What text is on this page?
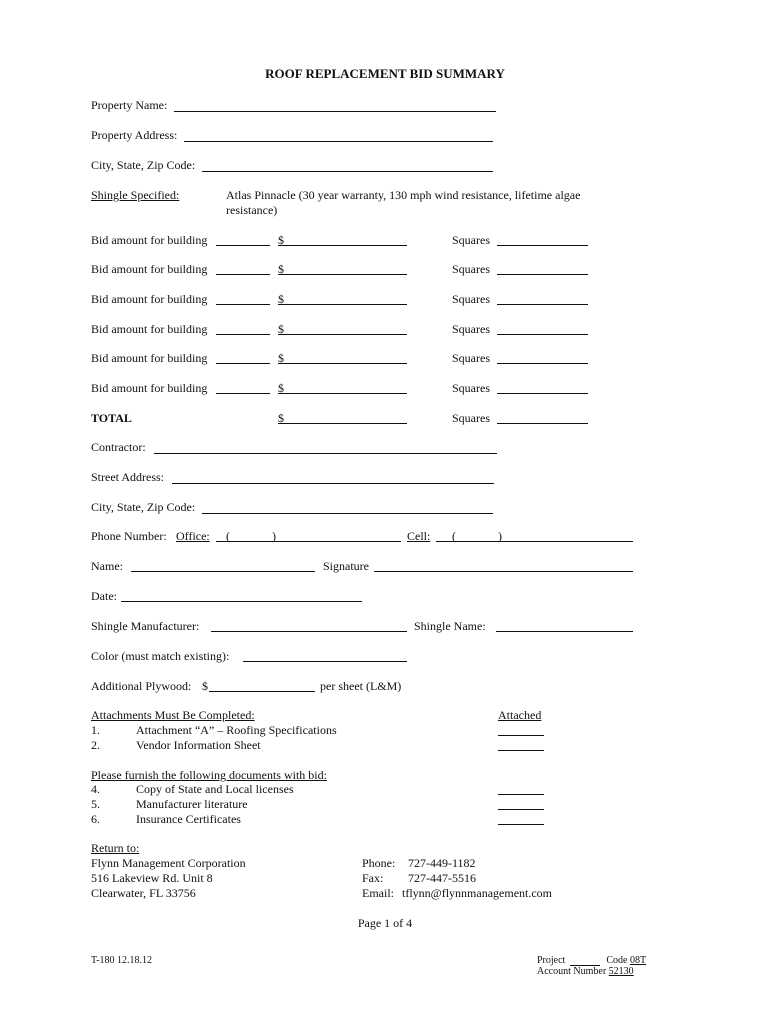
ROOF REPLACEMENT BID SUMMARY
Property Name:
Property Address:
City, State, Zip Code:
Shingle Specified:	Atlas Pinnacle (30 year warranty, 130 mph wind resistance, lifetime algae
resistance)
Bid amount for building	$	Squares
Bid amount for building	$	Squares
Bid amount for building	$	Squares
Bid amount for building	$	Squares
Bid amount for building	$	Squares
Bid amount for building	$	Squares
TOTAL	$	Squares
Contractor:
Street Address:
City, State, Zip Code:
Phone Number: Office: (	)	Cell: (	)
Name:	Signature
Date:
Shingle Manufacturer:	Shingle Name:
Color (must match existing):
Additional Plywood: $	per sheet (L&M)
Attachments Must Be Completed:	Attached
1.	Attachment “A” – Roofing Specifications
2.	Vendor Information Sheet
Please furnish the following documents with bid:
4.	Copy of State and Local licenses
5.	Manufacturer literature
6.	Insurance Certificates
Return to:
Flynn Management Corporation
516 Lakeview Rd. Unit 8
Clearwater, FL 33756
Phone: 727-449-1182
Fax: 727-447-5516
Email: tflynn@flynnmanagement.com
Page 1 of 4
T-180 12.18.12	Project	Code 08T
Account Number 52130
